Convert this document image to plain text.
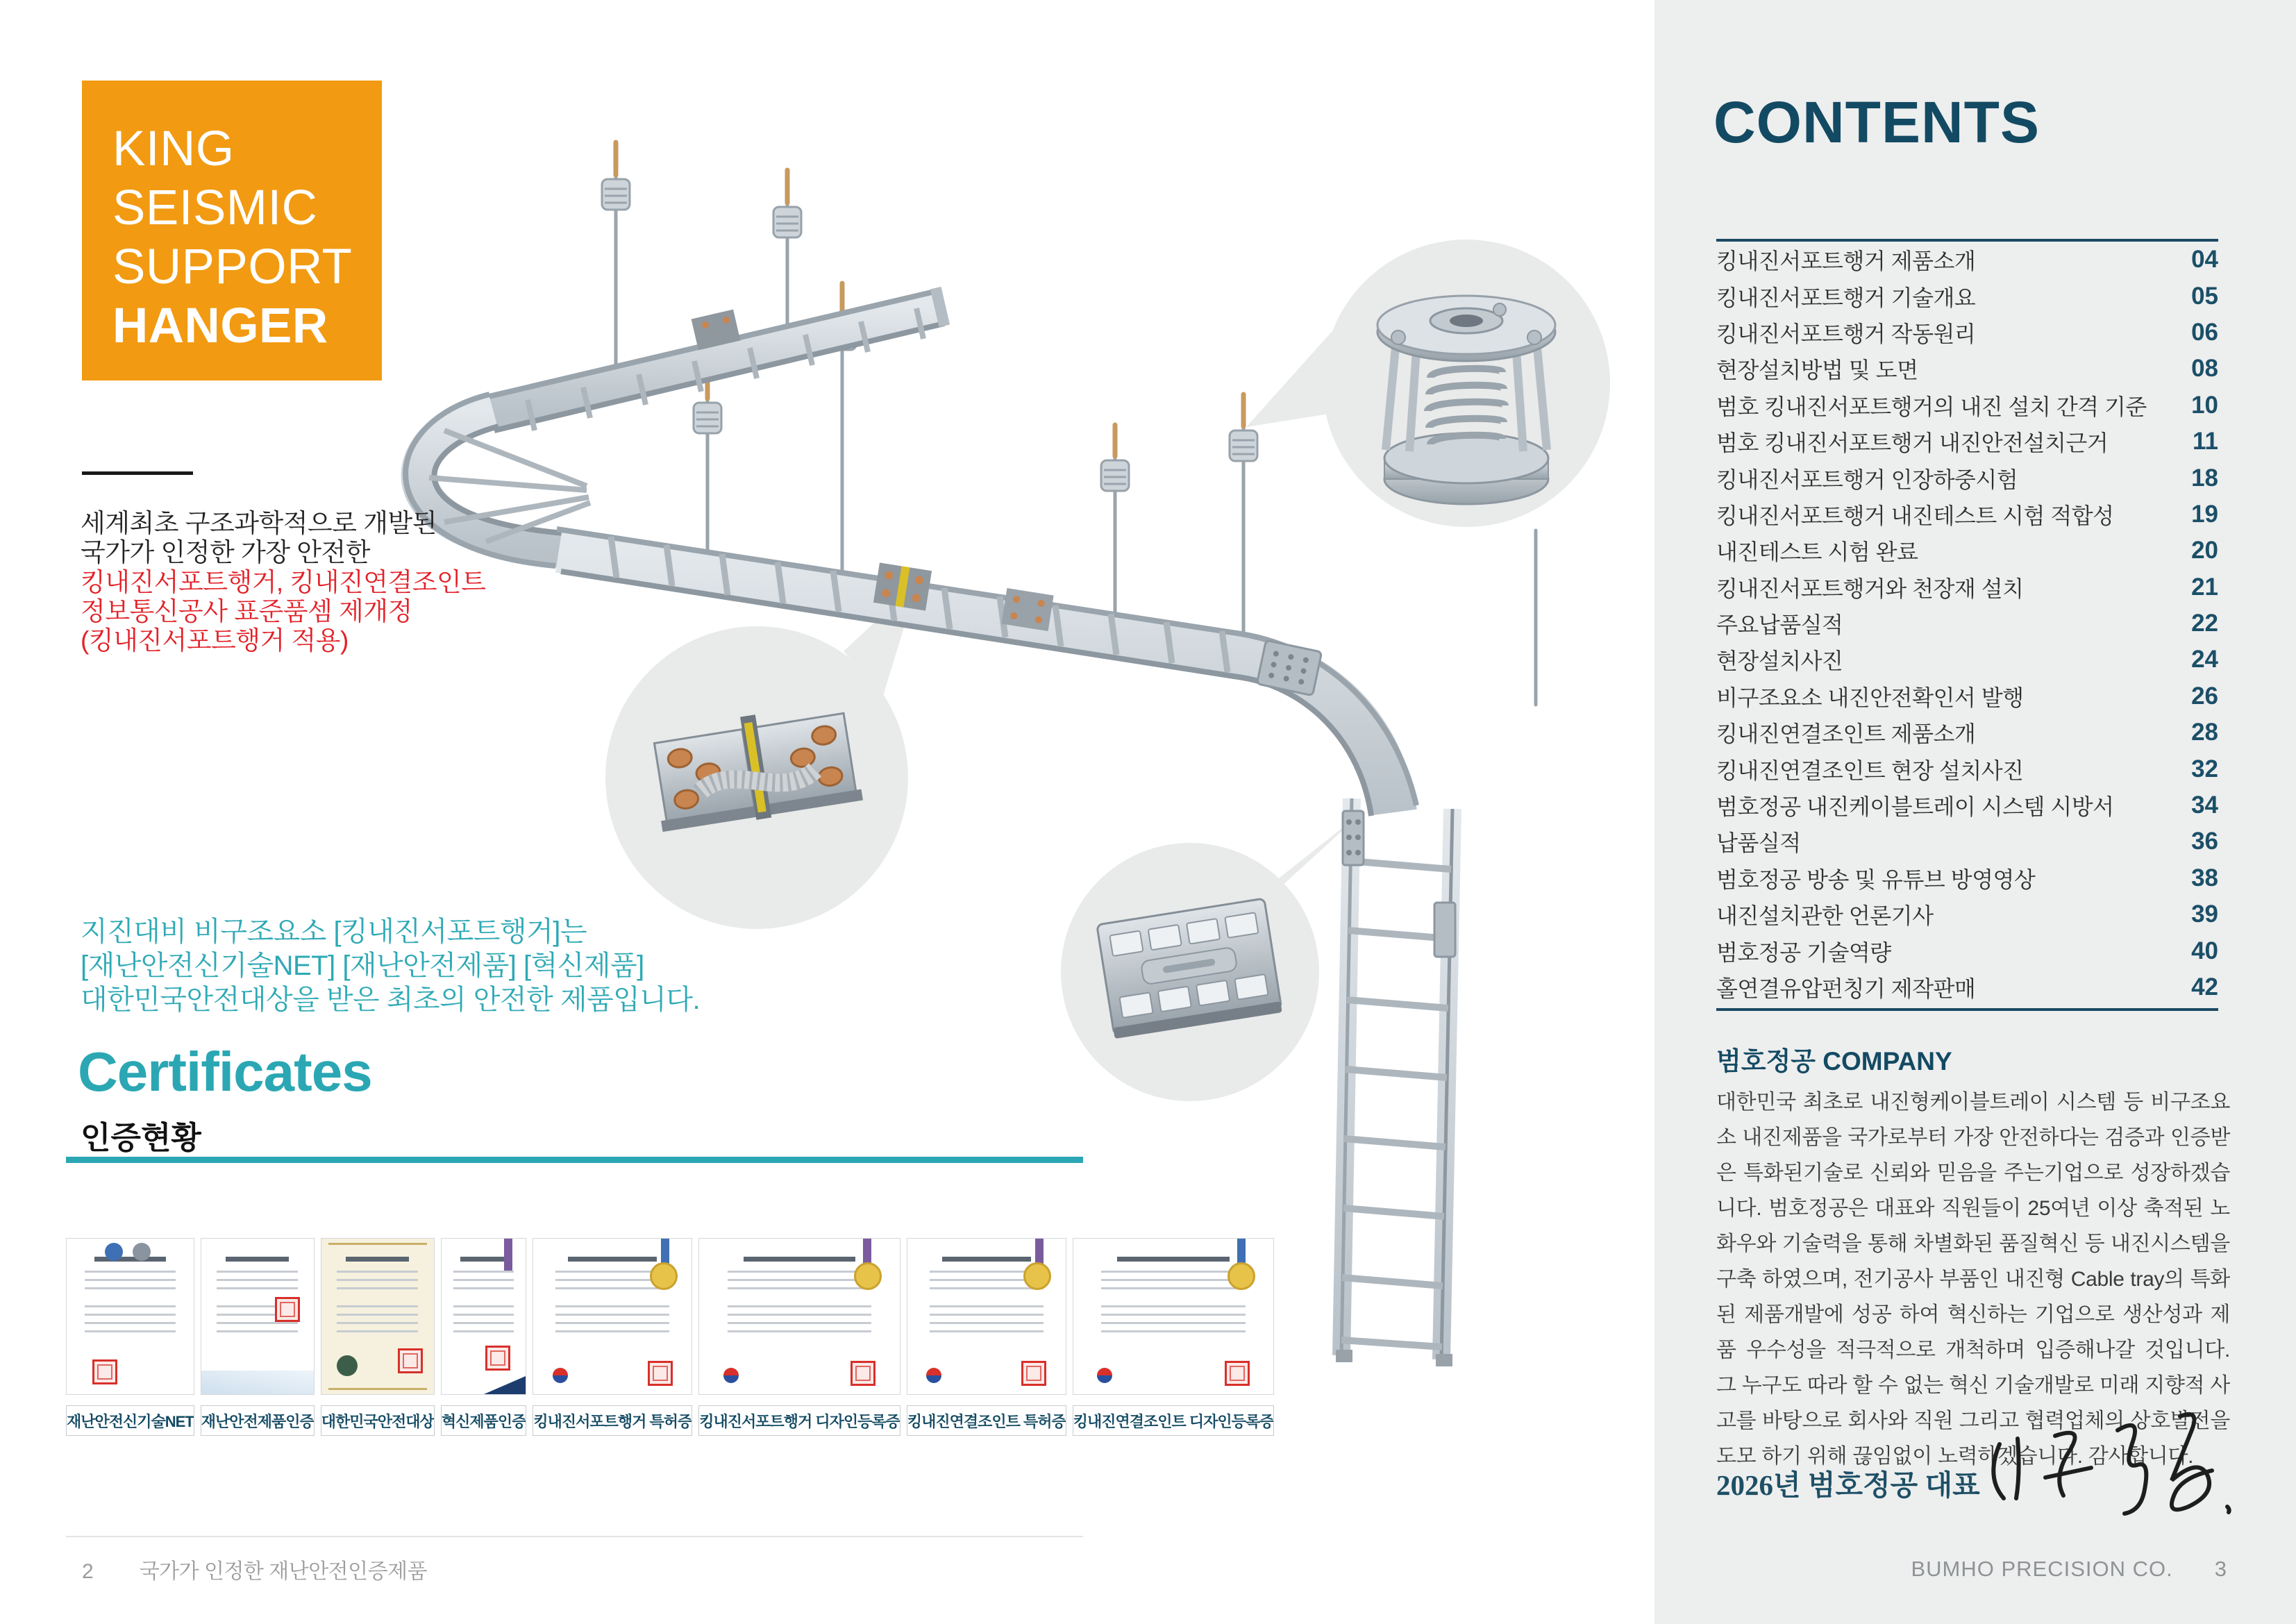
KING
SEISMIC
SUPPORT
HANGER
세계최초 구조과학적으로 개발된
국가가 인정한 가장 안전한
킹내진서포트행거, 킹내진연결조인트
정보통신공사 표준품셈 제개정
(킹내진서포트행거 적용)
지진대비 비구조요소 [킹내진서포트행거]는
[재난안전신기술NET] [재난안전제품] [혁신제품]
대한민국안전대상을 받은 최초의 안전한 제품입니다.
Certificates
인증현황
재난안전신기술NET 재난안전제품인증 대한민국안전대상 혁신제품인증 킹내진서포트행거 특허증 킹내진서포트행거 디자인등록증 킹내진연결조인트 특허증 킹내진연결조인트 디자인등록증
2 국가가 인정한 재난안전인증제품
CONTENTS
킹내진서포트행거 제품소개	04
킹내진서포트행거 기술개요	05
킹내진서포트행거 작동원리	06
현장설치방법 및 도면	08
범호 킹내진서포트행거의 내진 설치 간격 기준 10
범호 킹내진서포트행거 내진안전설치근거	11
킹내진서포트행거 인장하중시험	18
킹내진서포트행거 내진테스트 시험 적합성	19
내진테스트 시험 완료	20
킹내진서포트행거와 천장재 설치	21
주요납품실적	22
현장설치사진	24
비구조요소 내진안전확인서 발행	26
킹내진연결조인트 제품소개	28
킹내진연결조인트 현장 설치사진	32
범호정공 내진케이블트레이 시스템 시방서	34
납품실적	36
범호정공 방송 및 유튜브 방영영상	38
내진설치관한 언론기사	39
범호정공 기술역량	40
홀연결유압펀칭기 제작판매	42
범호정공 COMPANY
대한민국 최초로 내진형케이블트레이 시스템 등 비구조요소 내진제품을 국가로부터 가장 안전하다는 검증과 인증받은 특화된기술로 신뢰와 믿음을 주는기업으로 성장하겠습니다. 범호정공은 대표와 직원들이 25여년 이상 축적된 노화우와 기술력을 통해 차별화된 품질혁신 등 내진시스템을 구축 하였으며, 전기공사 부품인 내진형 Cable tray의 특화된 제품개발에 성공 하여 혁신하는 기업으로 생산성과 제품 우수성을 적극적으로 개척하며 입증해나갈 것입니다. 그 누구도 따라 할 수 없는 혁신 기술개발로 미래 지향적 사고를 바탕으로 회사와 직원 그리고 협력업체의 상호발전을 도모 하기 위해 끊임없이 노력하겠습니다. 감사합니다.
2026년 범호정공 대표
BUMHO PRECISION CO. 3
